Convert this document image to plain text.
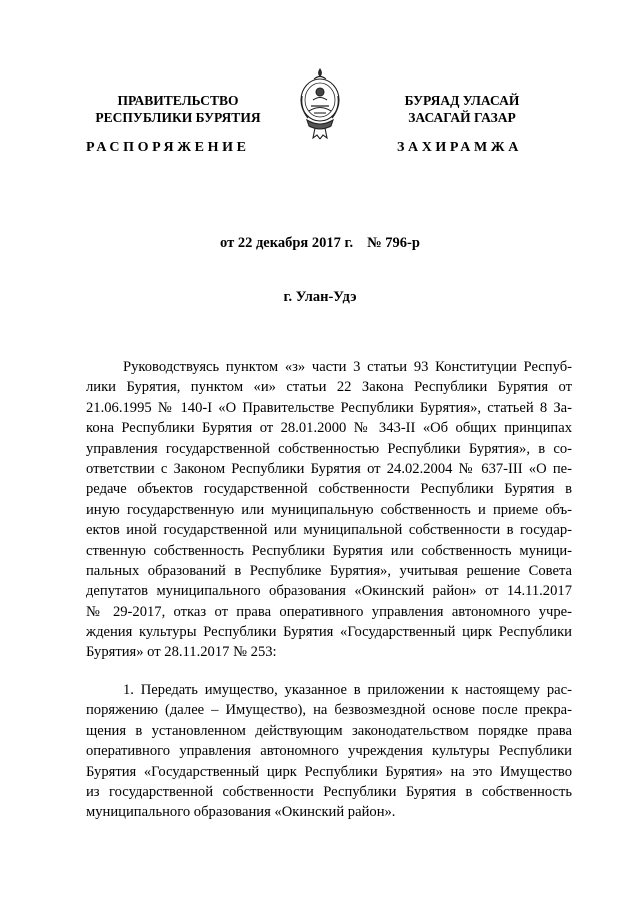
ПРАВИТЕЛЬСТВО
РЕСПУБЛИКИ БУРЯТИЯ
РАСПОРЯЖЕНИЕ
БУРЯАД УЛАСАЙ
ЗАСАГАЙ ГАЗАР
ЗАХИРАМЖА
от 22 декабря 2017 г. № 796-р
г. Улан-Удэ
Руководствуясь пунктом «з» части 3 статьи 93 Конституции Респуб-
лики Бурятия, пунктом «и» статьи 22 Закона Республики Бурятия от
21.06.1995 № 140-I «О Правительстве Республики Бурятия», статьей 8 За-
кона Республики Бурятия от 28.01.2000 № 343-II «Об общих принципах
управления государственной собственностью Республики Бурятия», в со-
ответствии с Законом Республики Бурятия от 24.02.2004 № 637-III «О пе-
редаче объектов государственной собственности Республики Бурятия в
иную государственную или муниципальную собственность и приеме объ-
ектов иной государственной или муниципальной собственности в государ-
ственную собственность Республики Бурятия или собственность муници-
пальных образований в Республике Бурятия», учитывая решение Совета
депутатов муниципального образования «Окинский район» от 14.11.2017
№ 29-2017, отказ от права оперативного управления автономного учре-
ждения культуры Республики Бурятия «Государственный цирк Республики
Бурятия» от 28.11.2017 № 253:
1. Передать имущество, указанное в приложении к настоящему рас-
поряжению (далее – Имущество), на безвозмездной основе после прекра-
щения в установленном действующим законодательством порядке права
оперативного управления автономного учреждения культуры Республики
Бурятия «Государственный цирк Республики Бурятия» на это Имущество
из государственной собственности Республики Бурятия в собственность
муниципального образования «Окинский район».
